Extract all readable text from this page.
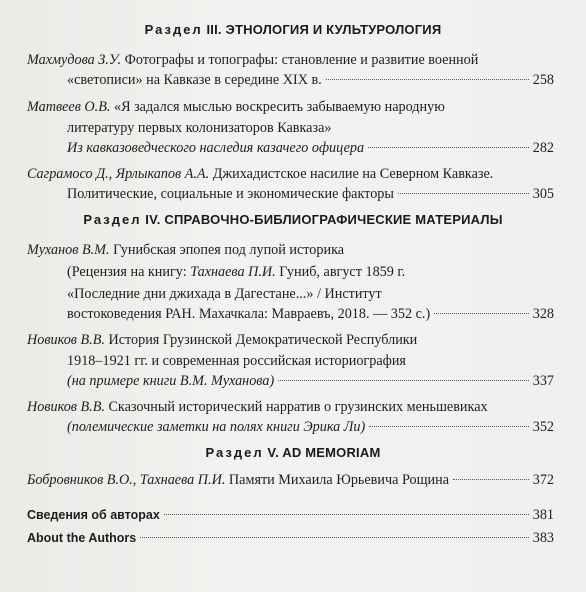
Раздел III. ЭТНОЛОГИЯ И КУЛЬТУРОЛОГИЯ
Махмудова З.У. Фотографы и топографы: становление и развитие военной
«светописи» на Кавказе в середине XIX в.	258
Матвеев О.В. «Я задался мыслью воскресить забываемую народную
литературу первых колонизаторов Кавказа»
Из кавказоведческого наследия казачего офицера	282
Саграмосо Д., Ярлыкапов А.А. Джихадистское насилие на Северном Кавказе.
Политические, социальные и экономические факторы	305
Раздел IV. СПРАВОЧНО-БИБЛИОГРАФИЧЕСКИЕ МАТЕРИАЛЫ
Муханов В.М. Гунибская эпопея под лупой историка
(Рецензия на книгу: Тахнаева П.И. Гуниб, август 1859 г.
«Последние дни джихада в Дагестане...» / Институт
востоковедения РАН. Махачкала: Мавраевъ, 2018. — 352 с.)	328
Новиков В.В. История Грузинской Демократической Республики
1918–1921 гг. и современная российская историография
(на примере книги В.М. Муханова)	337
Новиков В.В. Сказочный исторический нарратив о грузинских меньшевиках
(полемические заметки на полях книги Эрика Ли)	352
Раздел V. AD MEMORIAM
Бобровников В.О., Тахнаева П.И. Памяти Михаила Юрьевича Рощина	372
Сведения об авторах	381
About the Authors	383
